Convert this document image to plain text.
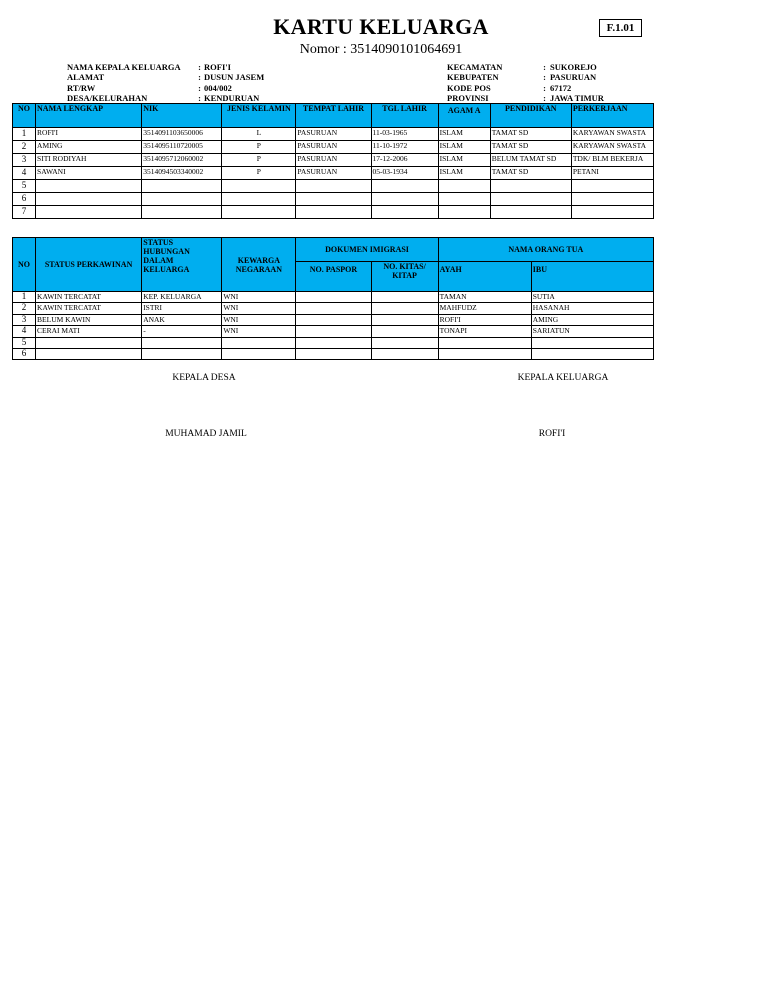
KARTU KELUARGA
Nomor : 3514090101064691
F.1.01
NAMA KEPALA KELUARGA	: ROFI'I
ALAMAT	: DUSUN JASEM
RT/RW	: 004/002
DESA/KELURAHAN	: KENDURUAN
KECAMATAN	: SUKOREJO
KEBUPATEN	: PASURUAN
KODE POS	: 67172
PROVINSI	: JAWA TIMUR
NO	NAMA LENGKAP	NIK	JENIS KELAMIN	TEMPAT LAHIR	TGL LAHIR	AGAM A	PENDIDIKAN	PERKERJAAN
1	ROFI'I	3514091103650006	L	PASURUAN	11-03-1965	ISLAM	TAMAT SD	KARYAWAN SWASTA
2	AMING	3514095110720005	P	PASURUAN	11-10-1972	ISLAM	TAMAT SD	KARYAWAN SWASTA
3	SITI RODIYAH	3514095712060002	P	PASURUAN	17-12-2006	ISLAM	BELUM TAMAT SD	TDK/ BLM BEKERJA
4	SAWANI	3514094503340002	P	PASURUAN	05-03-1934	ISLAM	TAMAT SD	PETANI
5								
6								
7								
NO	STATUS PERKAWINAN	STATUS HUBUNGAN DALAM KELUARGA	KEWARGA NEGARAAN	DOKUMEN IMIGRASI		NAMA ORANG TUA	
				NO. PASPOR	NO. KITAS/ KITAP	AYAH	IBU
1	KAWIN TERCATAT	KEP. KELUARGA	WNI			TAMAN	SUTIA
2	KAWIN TERCATAT	ISTRI	WNI			MAHFUDZ	HASANAH
3	BELUM KAWIN	ANAK	WNI			ROFI'I	AMING
4	CERAI MATI	-	WNI			TONAPI	SARIATUN
5							
6							
KEPALA DESA	KEPALA KELUARGA
MUHAMAD JAMIL	ROFI'I
